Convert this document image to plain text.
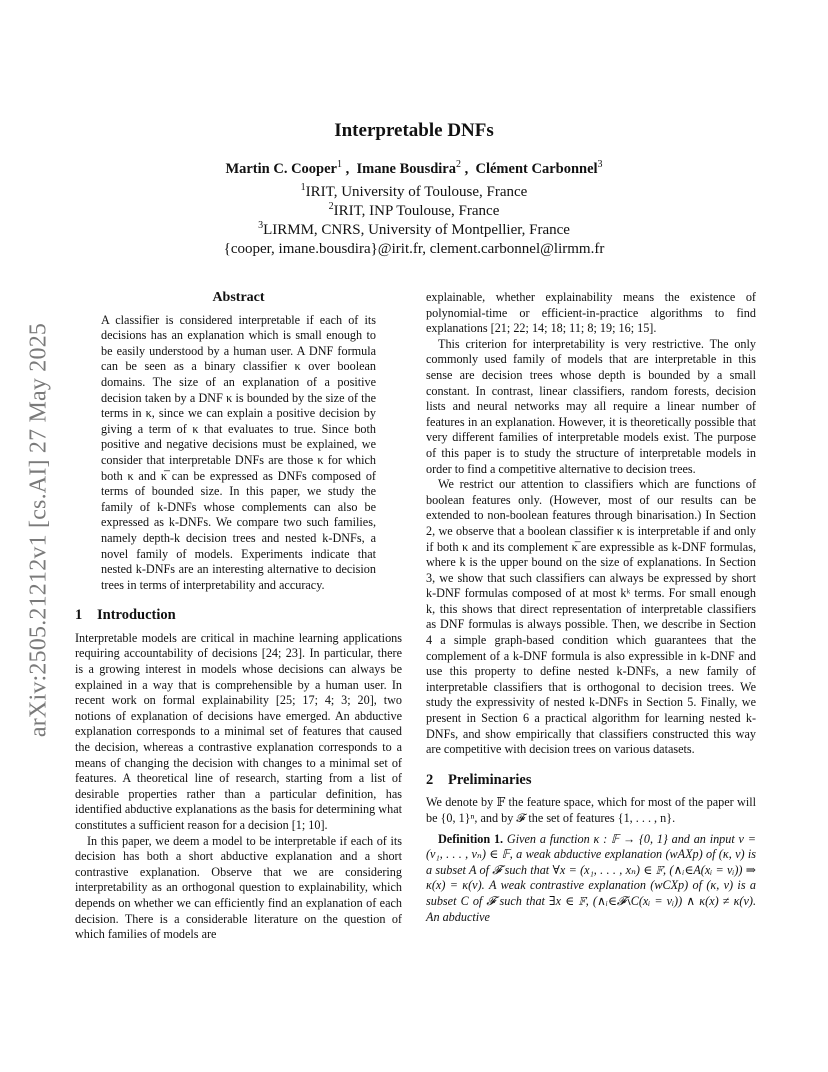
arXiv:2505.21212v1 [cs.AI] 27 May 2025
Interpretable DNFs
Martin C. Cooper$^1$ ,  Imane Bousdira$^2$ ,  Clément Carbonnel$^3$
$^1$IRIT, University of Toulouse, France
$^2$IRIT, INP Toulouse, France
$^3$LIRMM, CNRS, University of Montpellier, France
{cooper, imane.bousdira}@irit.fr, clement.carbonnel@lirmm.fr
Abstract

A classifier is considered interpretable if each of its decisions has an explanation which is small enough to be easily understood by a human user. A DNF formula can be seen as a binary classifier κ over boolean domains. The size of an explanation of a positive decision taken by a DNF κ is bounded by the size of the terms in κ, since we can explain a positive decision by giving a term of κ that evaluates to true. Since both positive and negative decisions must be explained, we consider that interpretable DNFs are those κ for which both κ and κ̅ can be expressed as DNFs composed of terms of bounded size. In this paper, we study the family of k-DNFs whose complements can also be expressed as k-DNFs. We compare two such families, namely depth-k decision trees and nested k-DNFs, a novel family of models. Experiments indicate that nested k-DNFs are an interesting alternative to decision trees in terms of interpretability and accuracy.

1 Introduction

Interpretable models are critical in machine learning applications requiring accountability of decisions [24; 23]. In particular, there is a growing interest in models whose decisions can always be explained in a way that is comprehensible by a human user. In recent work on formal explainability [25; 17; 4; 3; 20], two notions of explanation of decisions have emerged. An abductive explanation corresponds to a minimal set of features that caused the decision, whereas a contrastive explanation corresponds to a means of changing the decision with changes to a minimal set of features. A theoretical line of research, starting from a list of desirable properties rather than a particular definition, has identified abductive explanations as the basis for determining what constitutes a sufficient reason for a decision [1; 10].

In this paper, we deem a model to be interpretable if each of its decision has both a short abductive explanation and a short contrastive explanation. Observe that we are considering interpretability as an orthogonal question to explainability, which depends on whether we can efficiently find an explanation of each decision. There is a considerable literature on the question of which families of models are

explainable, whether explainability means the existence of polynomial-time or efficient-in-practice algorithms to find explanations [21; 22; 14; 18; 11; 8; 19; 16; 15].

This criterion for interpretability is very restrictive. The only commonly used family of models that are interpretable in this sense are decision trees whose depth is bounded by a small constant. In contrast, linear classifiers, random forests, decision lists and neural networks may all require a linear number of features in an explanation. However, it is theoretically possible that very different families of interpretable models exist. The purpose of this paper is to study the structure of interpretable models in order to find a competitive alternative to decision trees.

We restrict our attention to classifiers which are functions of boolean features only. (However, most of our results can be extended to non-boolean features through binarisation.) In Section 2, we observe that a boolean classifier κ is interpretable if and only if both κ and its complement κ̅ are expressible as k-DNF formulas, where k is the upper bound on the size of explanations. In Section 3, we show that such classifiers can always be expressed by short k-DNF formulas composed of at most kᵏ terms. For small enough k, this shows that direct representation of interpretable classifiers as DNF formulas is always possible. Then, we describe in Section 4 a simple graph-based condition which guarantees that the complement of a k-DNF formula is also expressible in k-DNF and use this property to define nested k-DNFs, a new family of interpretable classifiers that is orthogonal to decision trees. We study the expressivity of nested k-DNFs in Section 5. Finally, we present in Section 6 a practical algorithm for learning nested k-DNFs, and show empirically that classifiers constructed this way are competitive with decision trees on various datasets.

2 Preliminaries

We denote by 𝔽 the feature space, which for most of the paper will be {0, 1}ⁿ, and by 𝓕 the set of features {1, . . . , n}.

Definition 1. Given a function κ : 𝔽 → {0, 1} and an input v = (v₁, . . . , vₙ) ∈ 𝔽, a weak abductive explanation (wAXp) of (κ, v) is a subset A of 𝓕 such that ∀x = (x₁, . . . , xₙ) ∈ 𝔽, (∧ᵢ∈A(xᵢ = vᵢ)) ⇒ κ(x) = κ(v). A weak contrastive explanation (wCXp) of (κ, v) is a subset C of 𝓕 such that ∃x ∈ 𝔽, (∧ᵢ∈𝓕∖C(xᵢ = vᵢ)) ∧ κ(x) ≠ κ(v). An abductive
